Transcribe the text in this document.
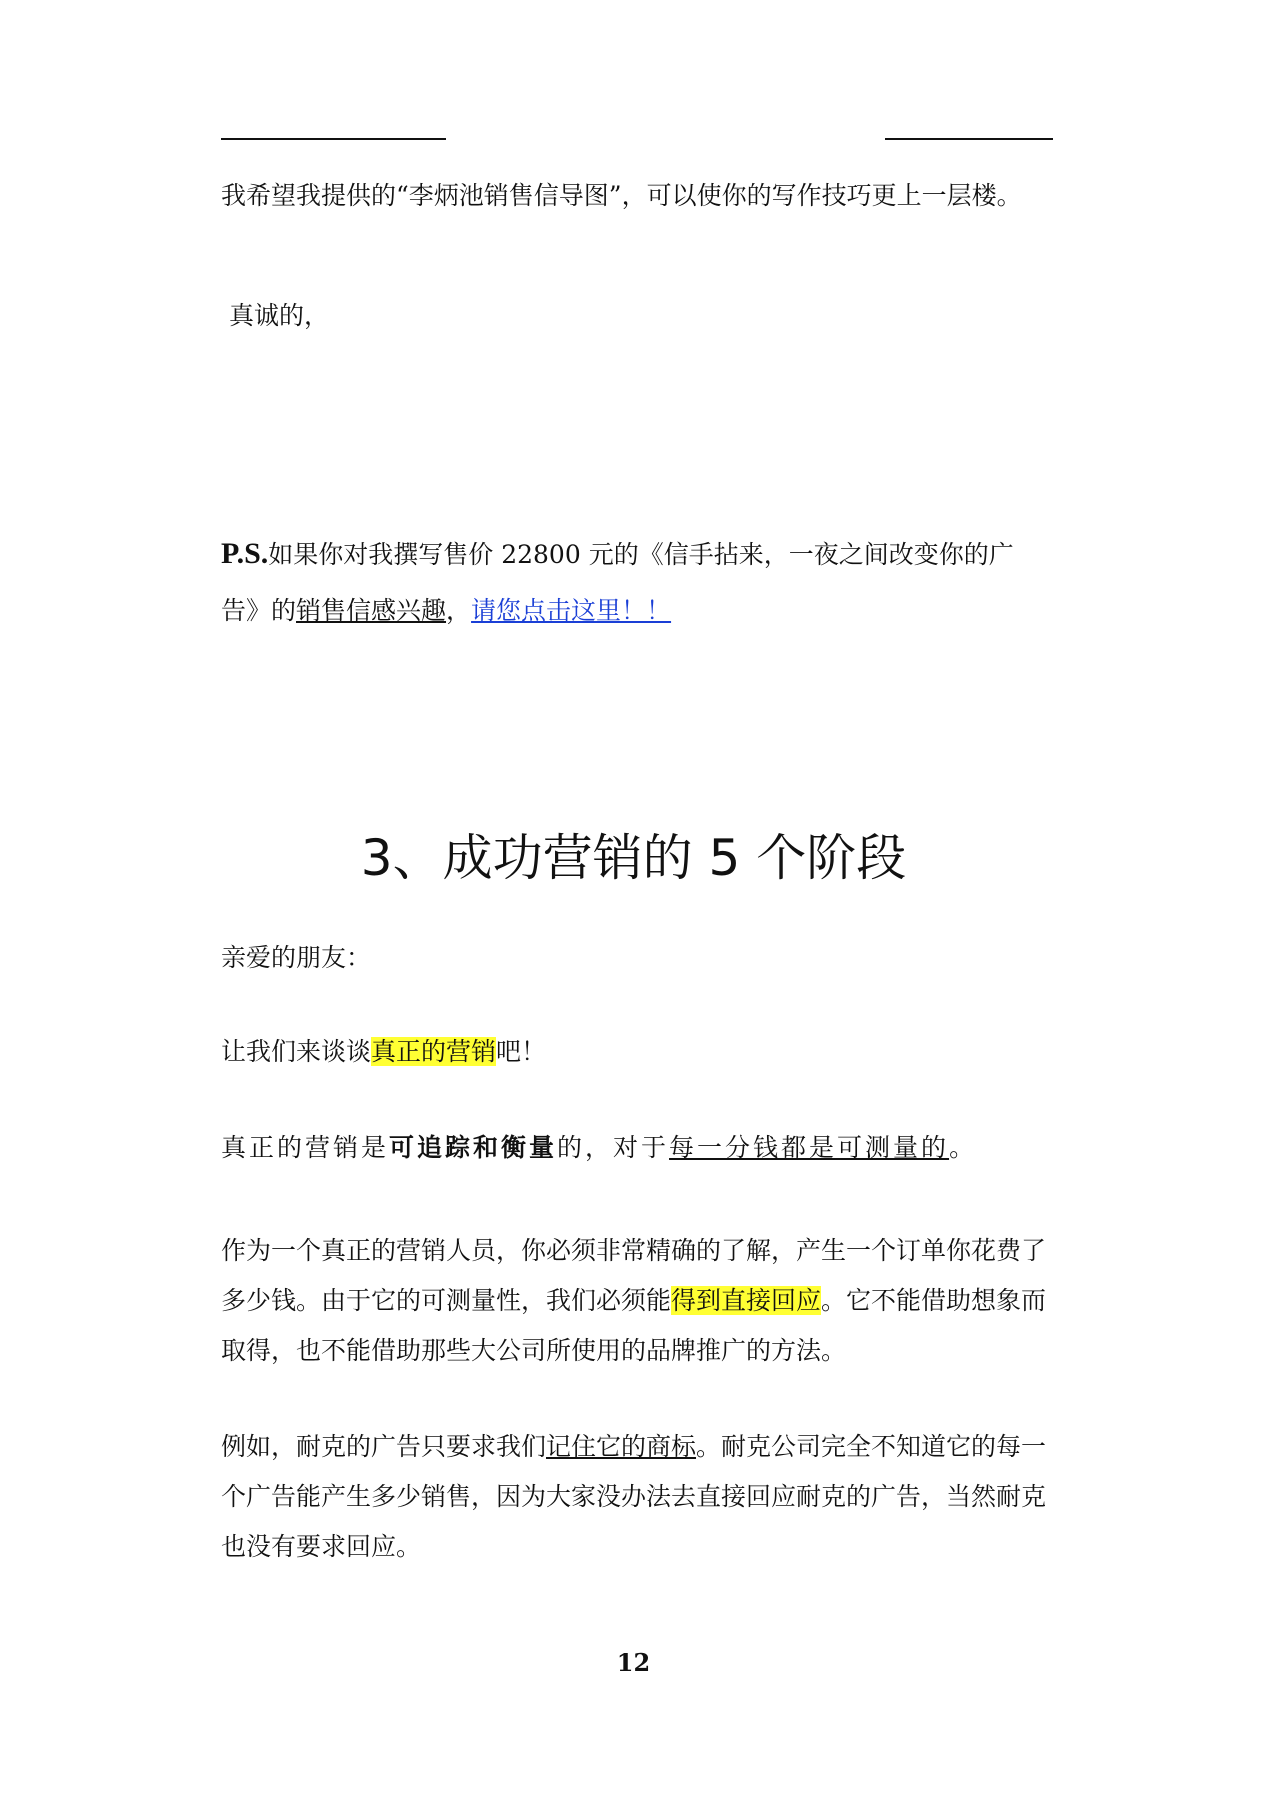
我希望我提供的“李炳池销售信导图”，可以使你的写作技巧更上一层楼。
真诚的，
P.S.如果你对我撰写售价 22800 元的《信手拈来，一夜之间改变你的广告》的销售信感兴趣，请您点击这里！！
3、成功营销的 5 个阶段
亲爱的朋友：
让我们来谈谈真正的营销吧！
真正的营销是可追踪和衡量的，对于每一分钱都是可测量的。
作为一个真正的营销人员，你必须非常精确的了解，产生一个订单你花费了多少钱。由于它的可测量性，我们必须能得到直接回应。它不能借助想象而取得，也不能借助那些大公司所使用的品牌推广的方法。
例如，耐克的广告只要求我们记住它的商标。耐克公司完全不知道它的每一个广告能产生多少销售，因为大家没办法去直接回应耐克的广告，当然耐克也没有要求回应。
12
